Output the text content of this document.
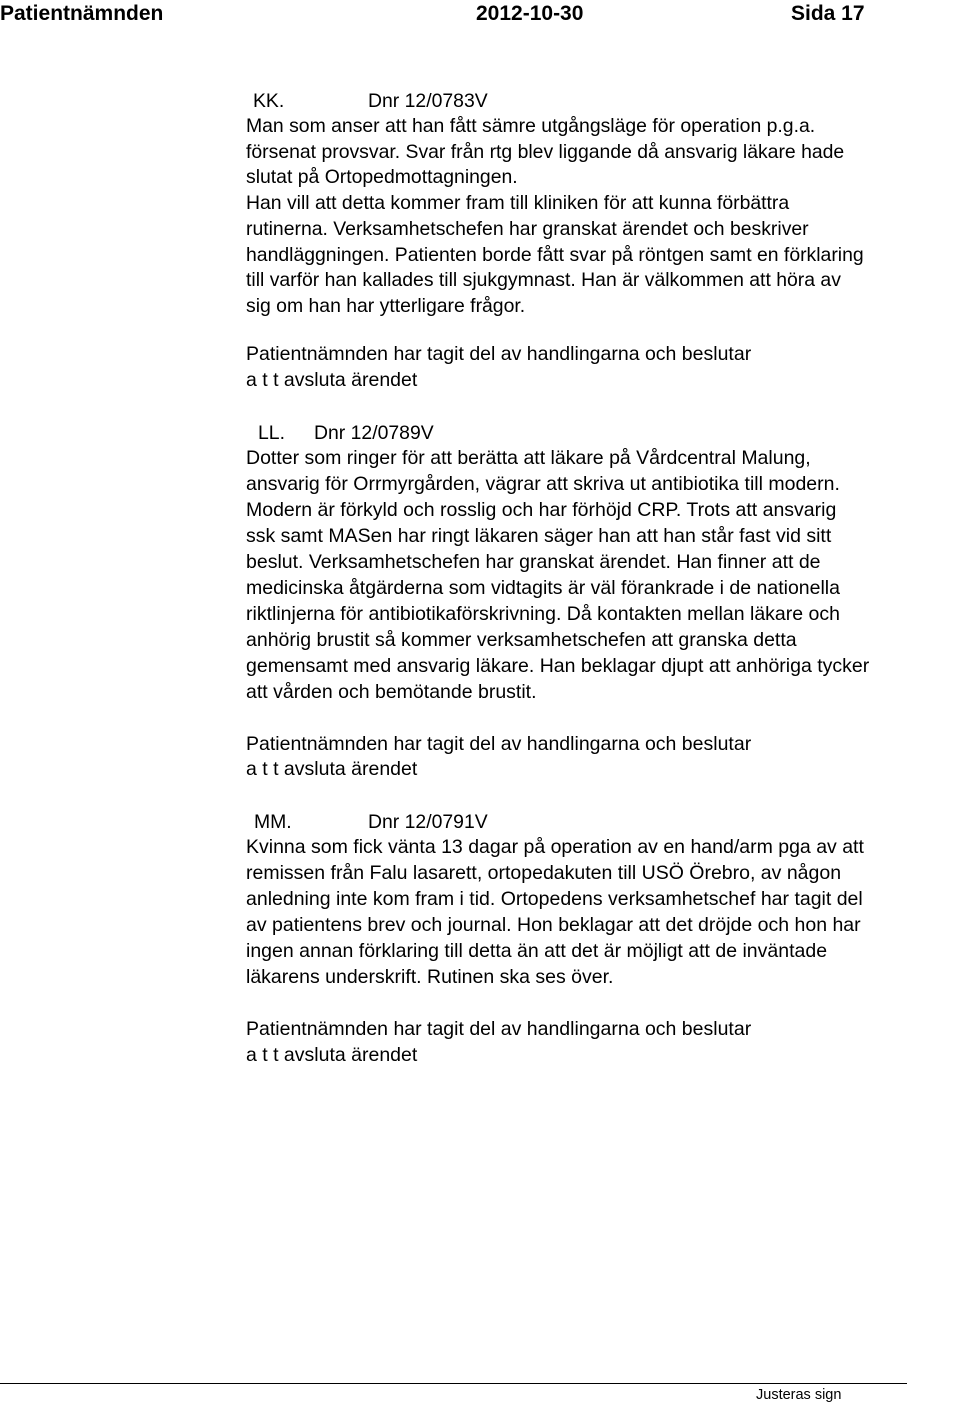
Patientnämnden	2012-10-30	Sida 17
KK.	Dnr 12/0783V

Man som anser att han fått sämre utgångsläge för operation p.g.a.
försenat provsvar. Svar från rtg blev liggande då ansvarig läkare hade
slutat på Ortopedmottagningen.
Han vill att detta kommer fram till kliniken för att kunna förbättra
rutinerna. Verksamhetschefen har granskat ärendet och beskriver
handläggningen. Patienten borde fått svar på röntgen samt en förklaring
till varför han kallades till sjukgymnast. Han är välkommen att höra av
sig om han har ytterligare frågor.

Patientnämnden har tagit del av handlingarna och beslutar
a t t avsluta ärendet

LL. Dnr 12/0789V

Dotter som ringer för att berätta att läkare på Vårdcentral Malung,
ansvarig för Orrmyrgården, vägrar att skriva ut antibiotika till modern.
Modern är förkyld och rosslig och har förhöjd CRP. Trots att ansvarig
ssk samt MASen har ringt läkaren säger han att han står fast vid sitt
beslut. Verksamhetschefen har granskat ärendet. Han finner att de
medicinska åtgärderna som vidtagits är väl förankrade i de nationella
riktlinjerna för antibiotikaförskrivning. Då kontakten mellan läkare och
anhörig brustit så kommer verksamhetschefen att granska detta
gemensamt med ansvarig läkare. Han beklagar djupt att anhöriga tycker
att vården och bemötande brustit.

Patientnämnden har tagit del av handlingarna och beslutar
a t t avsluta ärendet

MM.	Dnr 12/0791V

Kvinna som fick vänta 13 dagar på operation av en hand/arm pga av att
remissen från Falu lasarett, ortopedakuten till USÖ Örebro, av någon
anledning inte kom fram i tid. Ortopedens verksamhetschef har tagit del
av patientens brev och journal. Hon beklagar att det dröjde och hon har
ingen annan förklaring till detta än att det är möjligt att de inväntade
läkarens underskrift. Rutinen ska ses över.

Patientnämnden har tagit del av handlingarna och beslutar
a t t avsluta ärendet

Justeras sign
